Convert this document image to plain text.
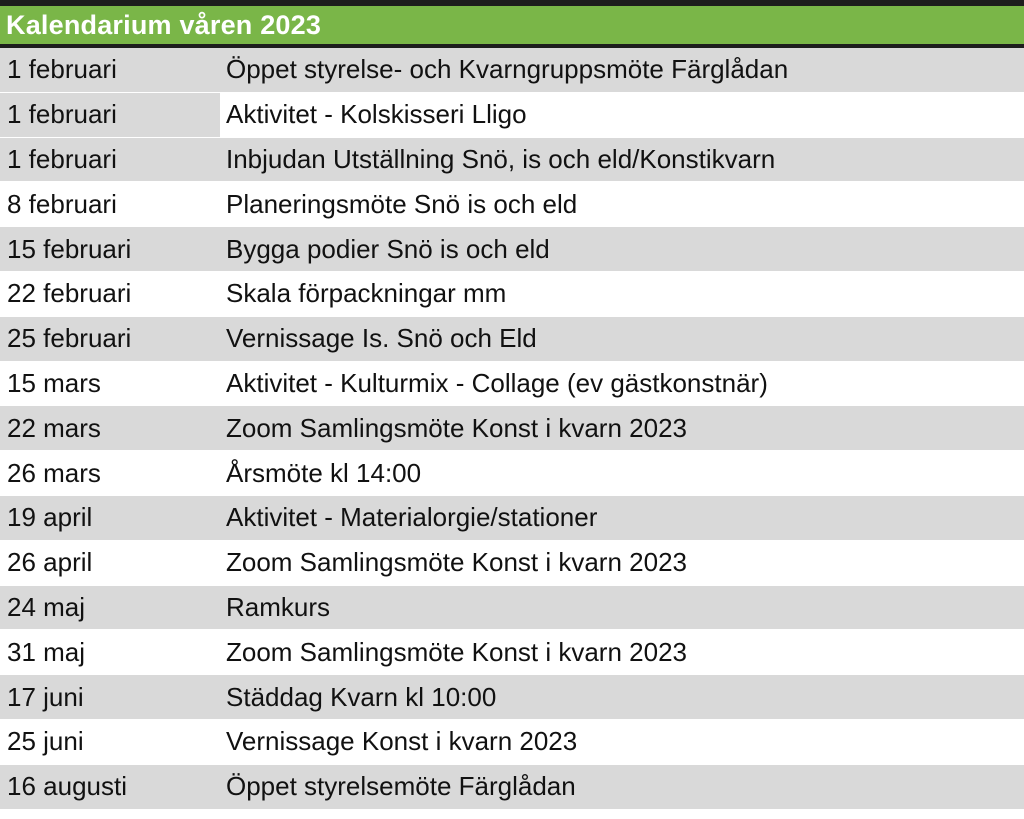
Kalendarium våren 2023
1 februari	Öppet styrelse- och Kvarngruppsmöte Färglådan
1 februari	Aktivitet - Kolskisseri Lligo
1 februari	Inbjudan Utställning Snö, is och eld/Konstikvarn
8 februari	Planeringsmöte Snö is och eld
15 februari	Bygga podier Snö is och eld
22 februari	Skala förpackningar mm
25 februari	Vernissage Is. Snö och Eld
15 mars	Aktivitet - Kulturmix - Collage (ev gästkonstnär)
22 mars	Zoom Samlingsmöte Konst i kvarn 2023
26 mars	Årsmöte kl 14:00
19 april	Aktivitet - Materialorgie/stationer
26 april	Zoom Samlingsmöte Konst i kvarn 2023
24 maj	Ramkurs
31 maj	Zoom Samlingsmöte Konst i kvarn 2023
17 juni	Städdag Kvarn kl 10:00
25 juni	Vernissage Konst i kvarn 2023
16 augusti	Öppet styrelsemöte Färglådan
